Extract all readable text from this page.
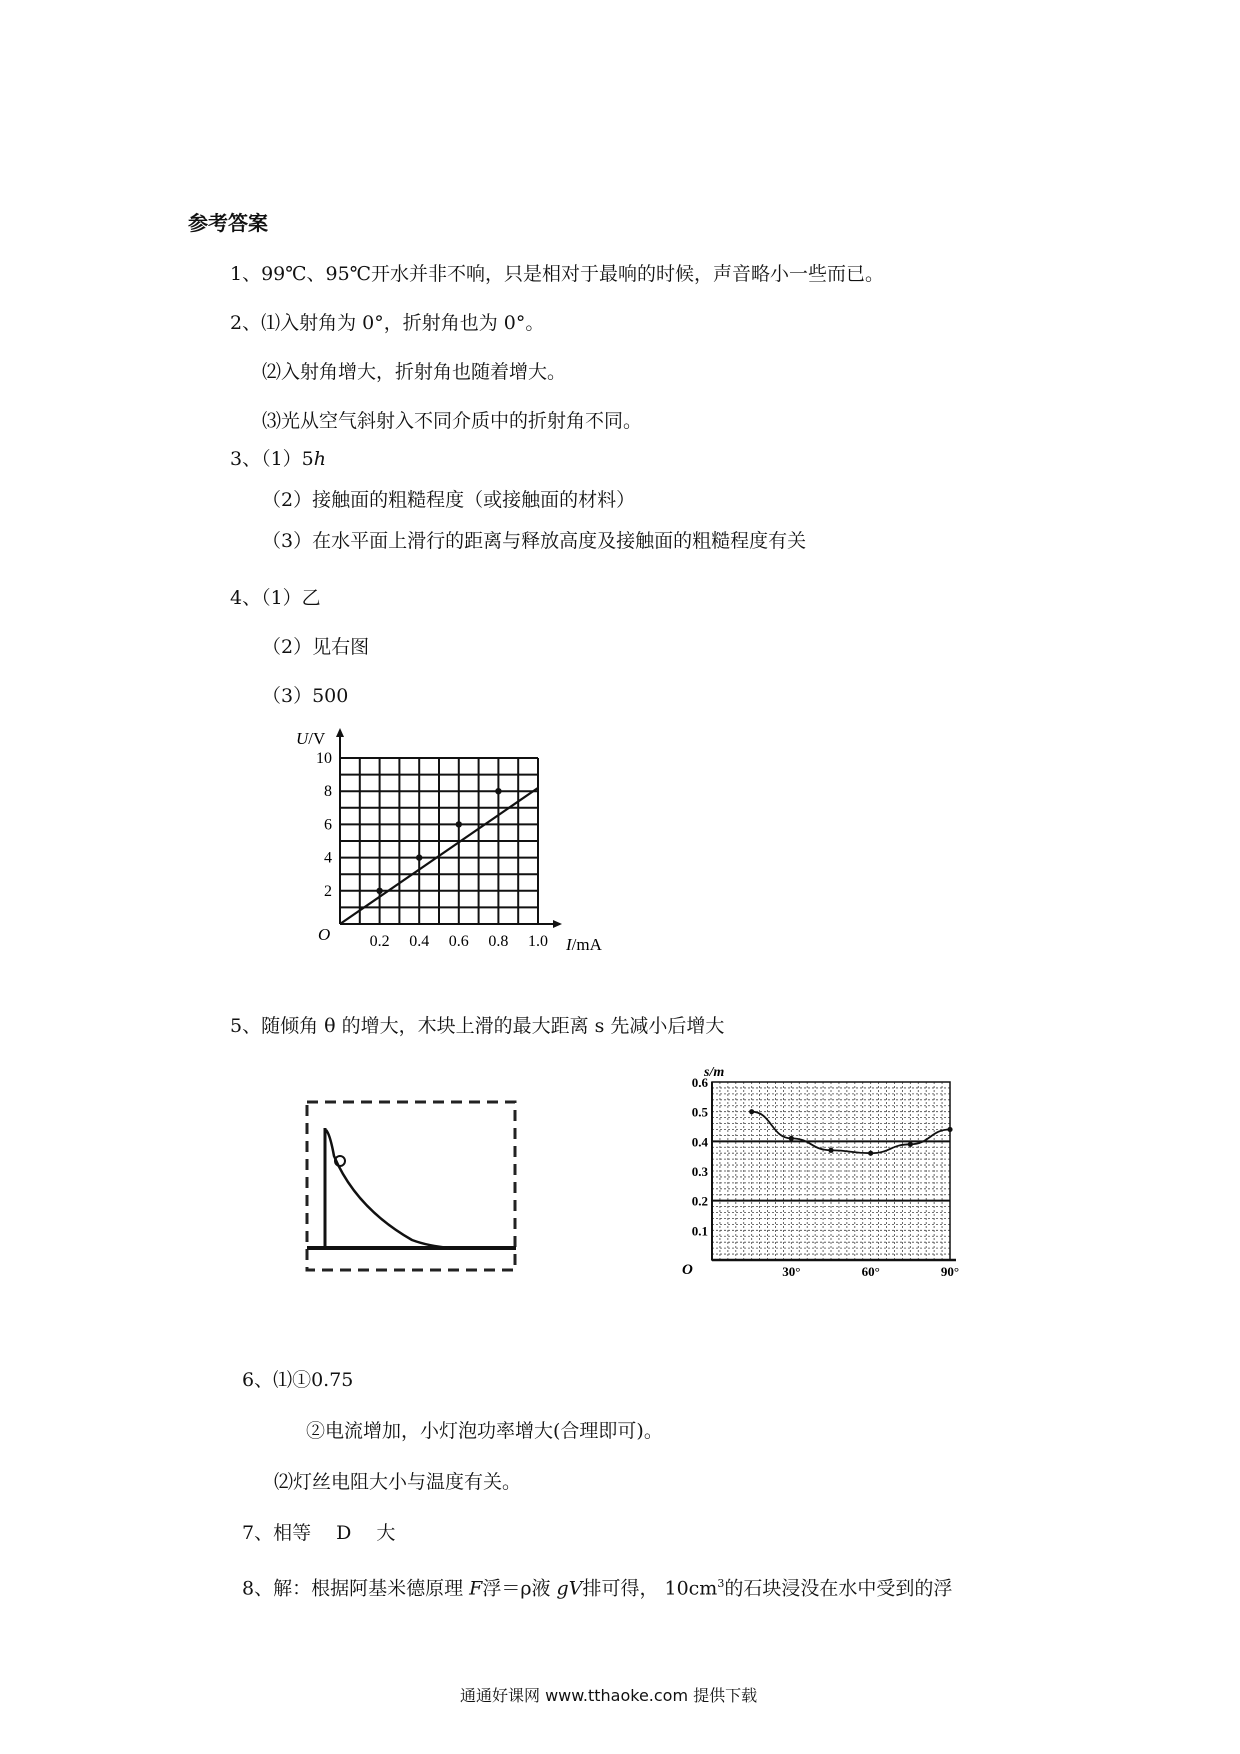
参考答案
1、99℃、95℃开水并非不响，只是相对于最响的时候，声音略小一些而已。
2、⑴入射角为 0°，折射角也为 0°。
⑵入射角增大，折射角也随着增大。
⑶光从空气斜射入不同介质中的折射角不同。
3、（1）5h
（2）接触面的粗糙程度（或接触面的材料）
（3）在水平面上滑行的距离与释放高度及接触面的粗糙程度有关
4、（1）乙
（2）见右图
（3）500
0.2 0.4 0.6 0.8 1.0
2
4
6
8
10
U/V
I/mA
O
5、随倾角 θ 的增大，木块上滑的最大距离 s 先减小后增大
30°	60°	90°
0.1
0.2
0.3
0.4
0.5
0.6
s/m
O
6、⑴①0.75
②电流增加，小灯泡功率增大(合理即可)。
⑵灯丝电阻大小与温度有关。
7、相等　 D　 大
8、解：根据阿基米德原理 F浮＝ρ液 gV排可得， $10cm^3$的石块浸没在水中受到的浮
通通好课网 www.tthaoke.com 提供下载
